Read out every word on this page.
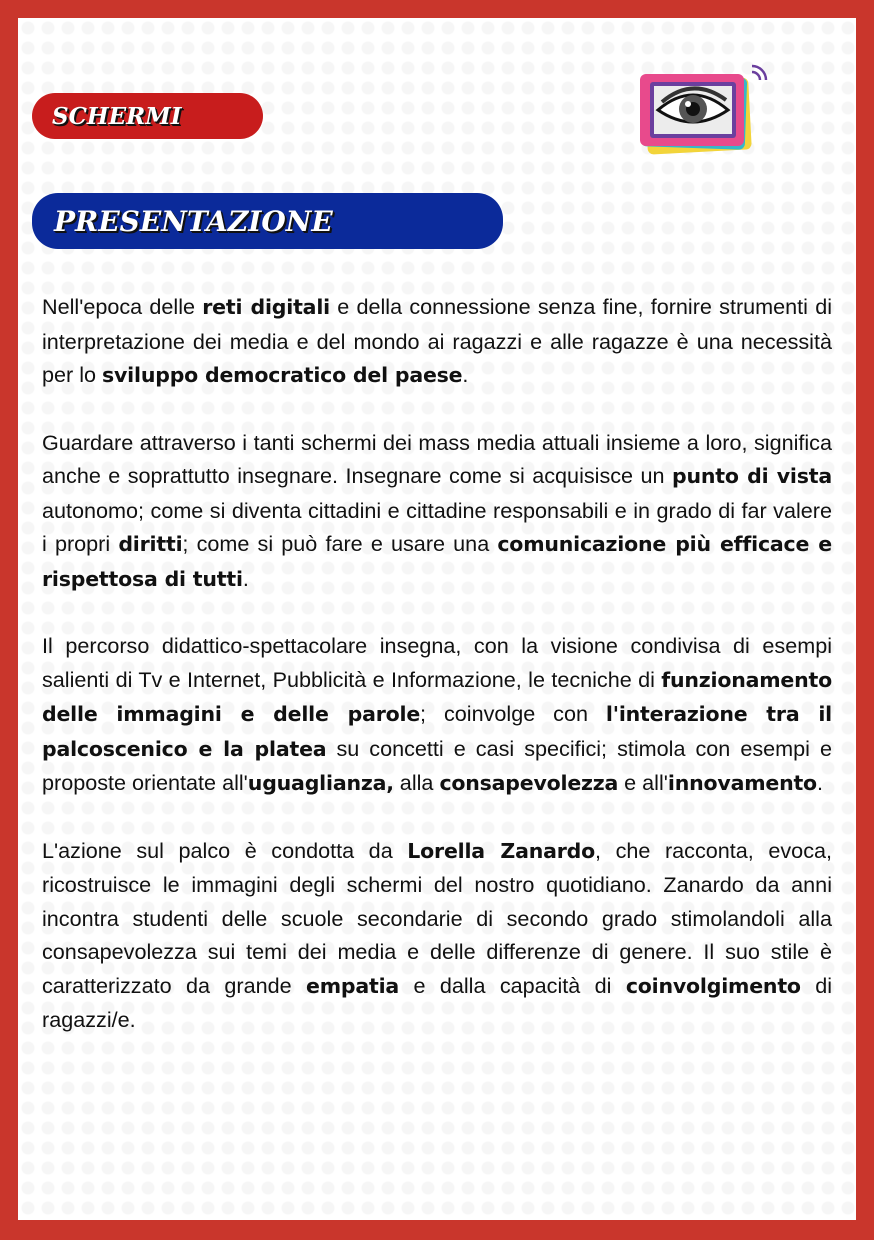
SCHERMI
PRESENTAZIONE

Nell'epoca delle reti digitali e della connessione senza fine, fornire strumenti di interpretazione dei media e del mondo ai ragazzi e alle ragazze è una necessità per lo sviluppo democratico del paese.

Guardare attraverso i tanti schermi dei mass media attuali insieme a loro, significa anche e soprattutto insegnare. Insegnare come si acquisisce un punto di vista autonomo; come si diventa cittadini e cittadine responsabili e in grado di far valere i propri diritti; come si può fare e usare una comunicazione più efficace e rispettosa di tutti.

Il percorso didattico-spettacolare insegna, con la visione condivisa di esempi salienti di Tv e Internet, Pubblicità e Informazione, le tecniche di funzionamento delle immagini e delle parole; coinvolge con l'interazione tra il palcoscenico e la platea su concetti e casi specifici; stimola con esempi e proposte orientate all'uguaglianza, alla consapevolezza e all'innovamento.

L'azione sul palco è condotta da Lorella Zanardo, che racconta, evoca, ricostruisce le immagini degli schermi del nostro quotidiano. Zanardo da anni incontra studenti delle scuole secondarie di secondo grado stimolandoli alla consapevolezza sui temi dei media e delle differenze di genere. Il suo stile è caratterizzato da grande empatia e dalla capacità di coinvolgimento di ragazzi/e.
